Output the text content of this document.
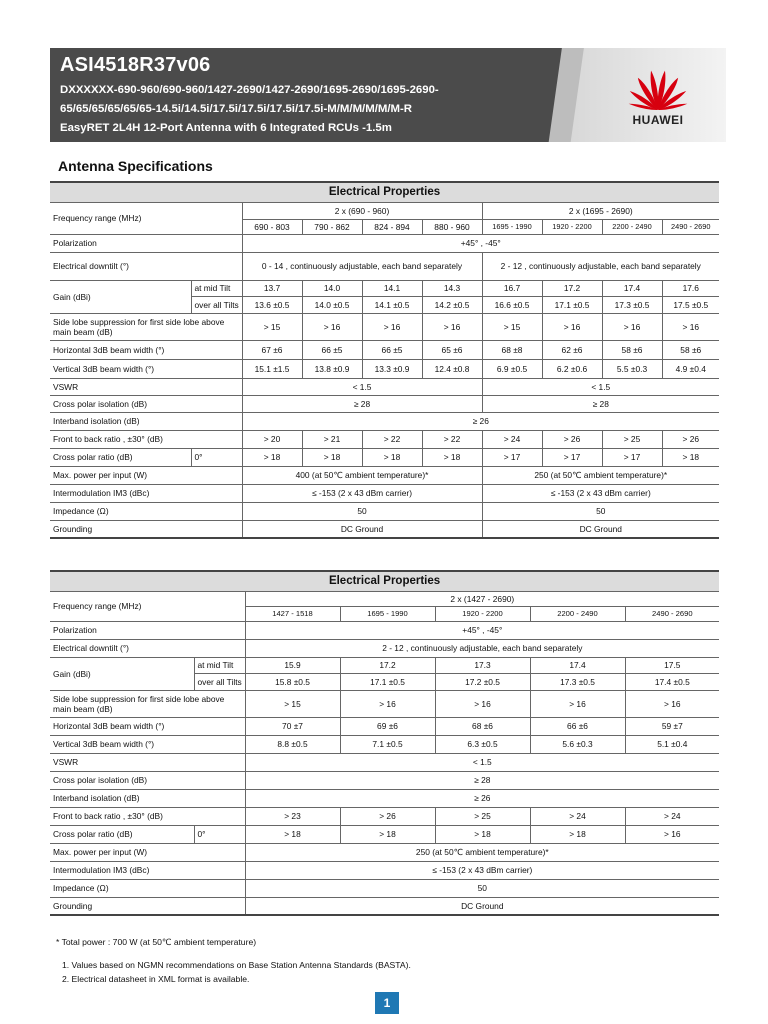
ASI4518R37v06
DXXXXXX-690-960/690-960/1427-2690/1427-2690/1695-2690/1695-2690-
65/65/65/65/65/65-14.5i/14.5i/17.5i/17.5i/17.5i/17.5i-M/M/M/M/M/M-R
EasyRET 2L4H 12-Port Antenna with 6 Integrated RCUs -1.5m
HUAWEI
Antenna Specifications
Electrical Properties									
Frequency range (MHz)		2 x (690 - 960)				2 x (1695 - 2690)			
		690 - 803	790 - 862	824 - 894	880 - 960	1695 - 1990	1920 - 2200	2200 - 2490	2490 - 2690
Polarization		+45° , -45°							
Electrical downtilt (°)		0 - 14 , continuously adjustable, each band separately				2 - 12 , continuously adjustable, each band separately			
Gain (dBi)	at mid Tilt	13.7	14.0	14.1	14.3	16.7	17.2	17.4	17.6
	over all Tilts	13.6 ±0.5	14.0 ±0.5	14.1 ±0.5	14.2 ±0.5	16.6 ±0.5	17.1 ±0.5	17.3 ±0.5	17.5 ±0.5
Side lobe suppression for first side lobe above main beam (dB)		> 15	> 16	> 16	> 16	> 15	> 16	> 16	> 16
Horizontal 3dB beam width (°)		67 ±6	66 ±5	66 ±5	65 ±6	68 ±8	62 ±6	58 ±6	58 ±6
Vertical 3dB beam width (°)		15.1 ±1.5	13.8 ±0.9	13.3 ±0.9	12.4 ±0.8	6.9 ±0.5	6.2 ±0.6	5.5 ±0.3	4.9 ±0.4
VSWR		< 1.5				< 1.5			
Cross polar isolation (dB)		≥ 28				≥ 28			
Interband isolation (dB)		≥ 26							
Front to back ratio , ±30° (dB)		> 20	> 21	> 22	> 22	> 24	> 26	> 25	> 26
Cross polar ratio (dB)	0°	> 18	> 18	> 18	> 18	> 17	> 17	> 17	> 18
Max. power per input (W)		400 (at 50℃ ambient temperature)*				250 (at 50℃ ambient temperature)*			
Intermodulation IM3 (dBc)		≤ -153 (2 x 43 dBm carrier)				≤ -153 (2 x 43 dBm carrier)			
Impedance (Ω)		50				50			
Grounding		DC Ground				DC Ground			
Electrical Properties						
Frequency range (MHz)		2 x (1427 - 2690)				
		1427 - 1518	1695 - 1990	1920 - 2200	2200 - 2490	2490 - 2690
Polarization		+45° , -45°				
Electrical downtilt (°)		2 - 12 , continuously adjustable, each band separately				
Gain (dBi)	at mid Tilt	15.9	17.2	17.3	17.4	17.5
	over all Tilts	15.8 ±0.5	17.1 ±0.5	17.2 ±0.5	17.3 ±0.5	17.4 ±0.5
Side lobe suppression for first side lobe above main beam (dB)		> 15	> 16	> 16	> 16	> 16
Horizontal 3dB beam width (°)		70 ±7	69 ±6	68 ±6	66 ±6	59 ±7
Vertical 3dB beam width (°)		8.8 ±0.5	7.1 ±0.5	6.3 ±0.5	5.6 ±0.3	5.1 ±0.4
VSWR		< 1.5				
Cross polar isolation (dB)		≥ 28				
Interband isolation (dB)		≥ 26				
Front to back ratio , ±30° (dB)		> 23	> 26	> 25	> 24	> 24
Cross polar ratio (dB)	0°	> 18	> 18	> 18	> 18	> 16
Max. power per input (W)		250 (at 50℃ ambient temperature)*				
Intermodulation IM3 (dBc)		≤ -153 (2 x 43 dBm carrier)				
Impedance (Ω)		50				
Grounding		DC Ground				
* Total power : 700 W (at 50℃ ambient temperature)
1. Values based on NGMN recommendations on Base Station Antenna Standards (BASTA).
2. Electrical datasheet in XML format is available.
1
